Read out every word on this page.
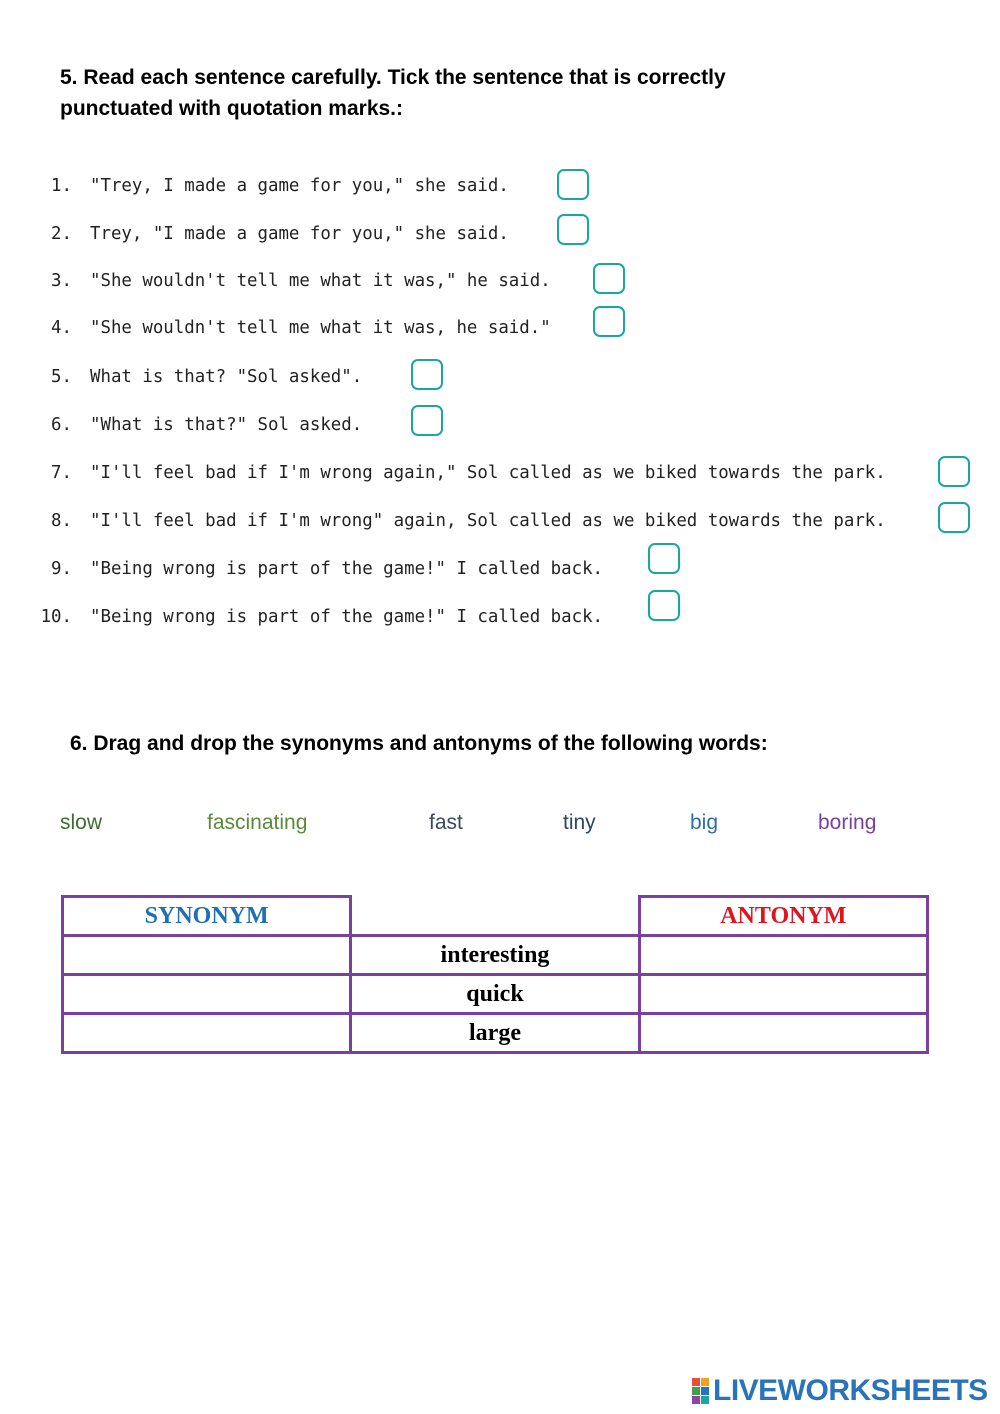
5. Read each sentence carefully. Tick the sentence that is correctly
punctuated with quotation marks.:
1.	"Trey, I made a game for you," she said.
2.	Trey, "I made a game for you," she said.
3.	"She wouldn't tell me what it was," he said.
4.	"She wouldn't tell me what it was, he said."
5.	What is that? "Sol asked".
6.	"What is that?" Sol asked.
7.	"I'll feel bad if I'm wrong again," Sol called as we biked towards the park.
8.	"I'll feel bad if I'm wrong" again, Sol called as we biked towards the park.
9.	"Being wrong is part of the game!" I called back.
10.	"Being wrong is part of the game!" I called back.
6. Drag and drop the synonyms and antonyms of the following words:
slow	fascinating	fast	tiny	big	boring
SYNONYM		ANTONYM
	interesting	
	quick	
	large	
LIVEWORKSHEETS
